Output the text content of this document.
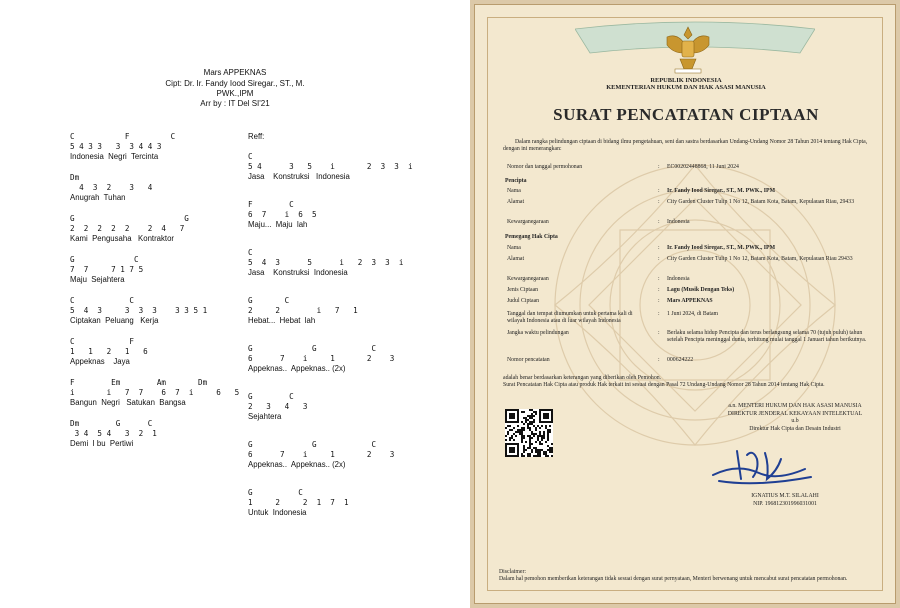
Mars APPEKNAS
Cipt: Dr. Ir. Fandy Iood Siregar., ST., M.
PWK.,IPM
Arr by : IT Del SI'21
Reff:
C           F         C
5 4 3 3   3  3 4 4 3
Indonesia  Negri  Tercinta
Dm
4  3  2    3   4
Anugrah  Tuhan
G                        G
2  2  2  2  2    2  4   7
Kami  Pengusaha   Kontraktor
G             C
7  7     7 1 7 5
Maju  Sejahtera
C            C
5  4  3     3  3  3    3 3 5 1
Ciptakan  Peluang   Kerja
C            F
1   1   2   1   6
Appeknas    Jaya
F        Em        Am       Dm
i       i   7  7    6  7  i     6   5
Bangun  Negri   Satukan  Bangsa
Dm        G      C
3 4  5 4   3  2  1
Demi  I bu  Pertiwi
C
5 4      3   5    i       2  3  3  i
Jasa    Konstruksi   Indonesia
F        C
6  7    i  6  5
Maju...  Maju  lah
C
5  4  3      5      i   2  3  3  i
Jasa    Konstruksi  Indonesia
G       C
2     2        i   7   1
Hebat...  Hebat  lah
G             G            C
6      7    i     1       2    3
Appeknas..  Appeknas.. (2x)
G        C
2   3   4   3
Sejahtera
G             G            C
6      7    i     1       2    3
Appeknas..  Appeknas.. (2x)
G          C
1     2     2  1  7  1
Untuk  Indonesia
REPUBLIK INDONESIA
KEMENTERIAN HUKUM DAN HAK ASASI MANUSIA
SURAT PENCATATAN CIPTAAN
Dalam rangka pelindungan ciptaan di bidang ilmu pengetahuan, seni dan sastra berdasarkan Undang-Undang Nomor 28 Tahun 2014 tentang Hak Cipta, dengan ini menerangkan:
Nomor dan tanggal permohonan	: EC00202448868, 11 Juni 2024
Pencipta
Nama	: Ir. Fandy Iood Siregar., ST., M. PWK., IPM
Alamat	: City Garden Cluster Tulip 1 No 12, Batam Kota, Batam, Kepulauan Riau, 29433
Kewarganegaraan	: Indonesia
Pemegang Hak Cipta
Nama	: Ir. Fandy Iood Siregar., ST., M. PWK., IPM
Alamat	: City Garden Cluster Tulip 1 No 12, Batam Kota, Batam, Kepulauan Riau 29433
Kewarganegaraan	: Indonesia
Jenis Ciptaan	: Lagu (Musik Dengan Teks)
Judul Ciptaan	: Mars APPEKNAS
Tanggal dan tempat diumumkan untuk pertama kali di wilayah Indonesia atau di luar wilayah Indonesia
: 1 Juni 2024, di Batam
Jangka waktu pelindungan	: Berlaku selama hidup Pencipta dan terus berlangsung selama 70 (tujuh puluh) tahun setelah Pencipta meninggal dunia, terhitung mulai tanggal 1 Januari tahun berikutnya.
Nomor pencatatan	: 000624222
adalah benar berdasarkan keterangan yang diberikan oleh Pemohon.
Surat Pencatatan Hak Cipta atau produk Hak terkait ini sesuai dengan Pasal 72 Undang-Undang Nomor 28 Tahun 2014 tentang Hak Cipta.
a.n. MENTERI HUKUM DAN HAK ASASI MANUSIA
DIREKTUR JENDERAL KEKAYAAN INTELEKTUAL
u.b
Direktur Hak Cipta dan Desain Industri
IGNATIUS M.T. SILALAHI
NIP. 196812301996031001
Disclaimer:
Dalam hal pemohon memberikan keterangan tidak sesuai dengan surat pernyataan, Menteri berwenang untuk mencabut surat pencatatan permohonan.
